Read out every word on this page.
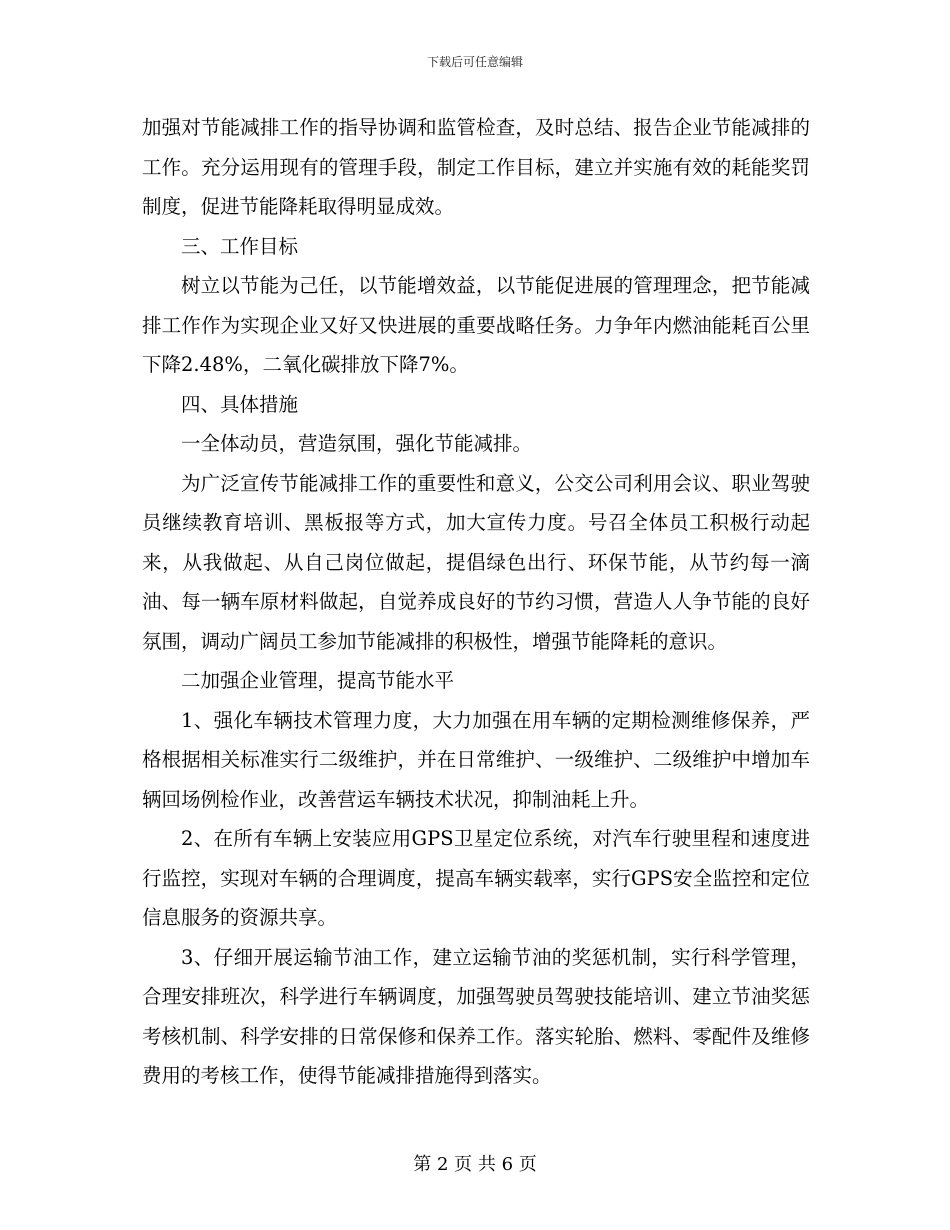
下载后可任意编辑

加强对节能减排工作的指导协调和监管检查，及时总结、报告企业节能减排的工作。充分运用现有的管理手段，制定工作目标，建立并实施有效的耗能奖罚制度，促进节能降耗取得明显成效。

三、工作目标

树立以节能为己任，以节能增效益，以节能促进展的管理理念，把节能减排工作作为实现企业又好又快进展的重要战略任务。力争年内燃油能耗百公里下降2.48%，二氧化碳排放下降7%。

四、具体措施

一全体动员，营造氛围，强化节能减排。

为广泛宣传节能减排工作的重要性和意义，公交公司利用会议、职业驾驶员继续教育培训、黑板报等方式，加大宣传力度。号召全体员工积极行动起来，从我做起、从自己岗位做起，提倡绿色出行、环保节能，从节约每一滴油、每一辆车原材料做起，自觉养成良好的节约习惯，营造人人争节能的良好氛围，调动广阔员工参加节能减排的积极性，增强节能降耗的意识。

二加强企业管理，提高节能水平

1、强化车辆技术管理力度，大力加强在用车辆的定期检测维修保养，严格根据相关标准实行二级维护，并在日常维护、一级维护、二级维护中增加车辆回场例检作业，改善营运车辆技术状况，抑制油耗上升。

2、在所有车辆上安装应用GPS卫星定位系统，对汽车行驶里程和速度进行监控，实现对车辆的合理调度，提高车辆实载率，实行GPS安全监控和定位信息服务的资源共享。

3、仔细开展运输节油工作，建立运输节油的奖惩机制，实行科学管理，合理安排班次，科学进行车辆调度，加强驾驶员驾驶技能培训、建立节油奖惩考核机制、科学安排的日常保修和保养工作。落实轮胎、燃料、零配件及维修费用的考核工作，使得节能减排措施得到落实。

第 2 页 共 6 页
